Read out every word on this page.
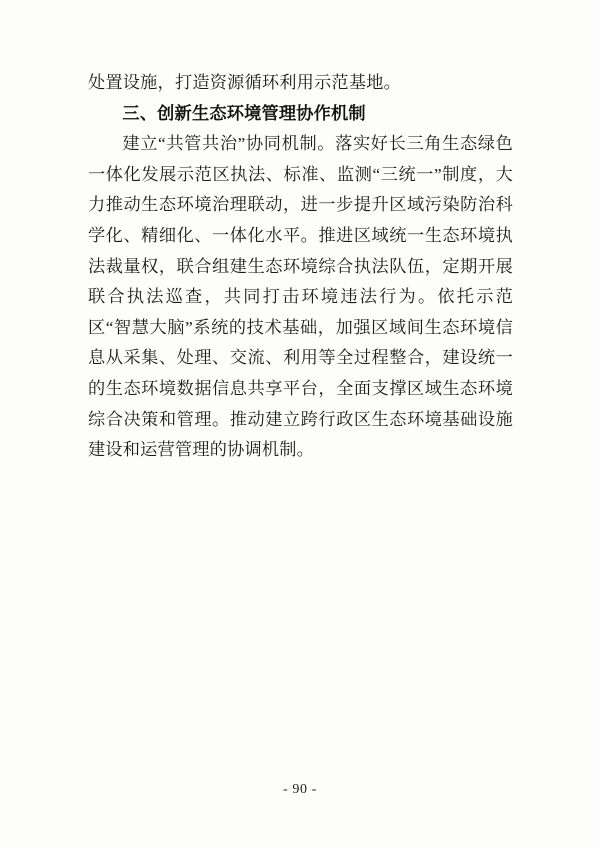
处置设施，打造资源循环利用示范基地。

三、创新生态环境管理协作机制

建立“共管共治”协同机制。落实好长三角生态绿色一体化发展示范区执法、标准、监测“三统一”制度，大力推动生态环境治理联动，进一步提升区域污染防治科学化、精细化、一体化水平。推进区域统一生态环境执法裁量权，联合组建生态环境综合执法队伍，定期开展联合执法巡查，共同打击环境违法行为。依托示范区“智慧大脑”系统的技术基础，加强区域间生态环境信息从采集、处理、交流、利用等全过程整合，建设统一的生态环境数据信息共享平台，全面支撑区域生态环境综合决策和管理。推动建立跨行政区生态环境基础设施建设和运营管理的协调机制。

- 90 -
